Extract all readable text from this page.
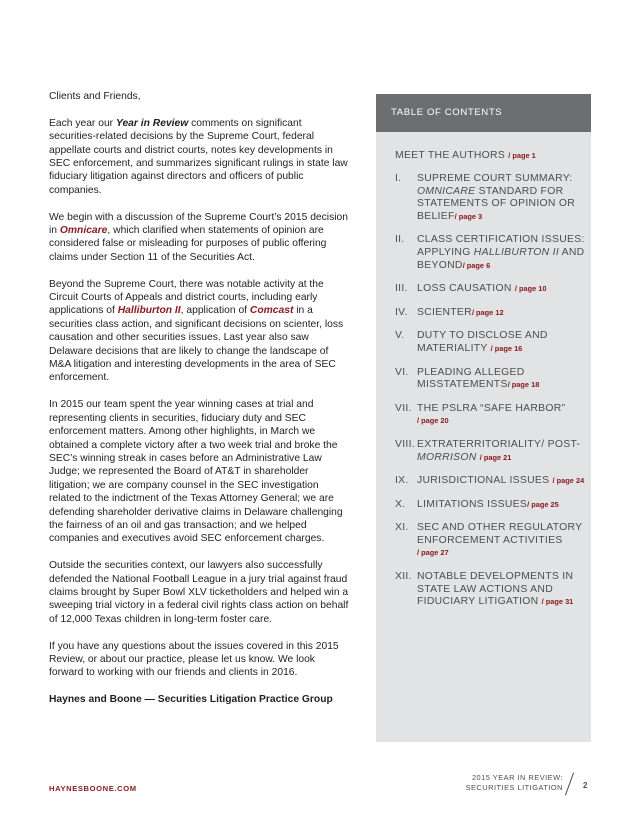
Clients and Friends,

Each year our Year in Review comments on significant securities-related decisions by the Supreme Court, federal appellate courts and district courts, notes key developments in SEC enforcement, and summarizes significant rulings in state law fiduciary litigation against directors and officers of public companies.

We begin with a discussion of the Supreme Court’s 2015 decision in Omnicare, which clarified when statements of opinion are considered false or misleading for purposes of public offering claims under Section 11 of the Securities Act.

Beyond the Supreme Court, there was notable activity at the Circuit Courts of Appeals and district courts, including early applications of Halliburton II, application of Comcast in a securities class action, and significant decisions on scienter, loss causation and other securities issues. Last year also saw Delaware decisions that are likely to change the landscape of M&A litigation and interesting developments in the area of SEC enforcement.

In 2015 our team spent the year winning cases at trial and representing clients in securities, fiduciary duty and SEC enforcement matters. Among other highlights, in March we obtained a complete victory after a two week trial and broke the SEC’s winning streak in cases before an Administrative Law Judge; we represented the Board of AT&T in shareholder litigation; we are company counsel in the SEC investigation related to the indictment of the Texas Attorney General; we are defending shareholder derivative claims in Delaware challenging the fairness of an oil and gas transaction; and we helped companies and executives avoid SEC enforcement charges.

Outside the securities context, our lawyers also successfully defended the National Football League in a jury trial against fraud claims brought by Super Bowl XLV ticketholders and helped win a sweeping trial victory in a federal civil rights class action on behalf of 12,000 Texas children in long-term foster care.

If you have any questions about the issues covered in this 2015 Review, or about our practice, please let us know. We look forward to working with our friends and clients in 2016.

Haynes and Boone — Securities Litigation Practice Group

TABLE OF CONTENTS
MEET THE AUTHORS / page 1
I.	SUPREME COURT SUMMARY: OMNICARE STANDARD FOR STATEMENTS OF OPINION OR BELIEF/ page 3
II.	CLASS CERTIFICATION ISSUES: APPLYING HALLIBURTON II AND BEYOND/ page 6
III. LOSS CAUSATION / page 10
IV. SCIENTER/ page 12
V.	DUTY TO DISCLOSE AND MATERIALITY / page 16
VI. PLEADING ALLEGED MISSTATEMENTS/ page 18
VII. THE PSLRA “SAFE HARBOR” / page 20
VIII. EXTRATERRITORIALITY/ POST-MORRISON / page 21
IX. JURISDICTIONAL ISSUES / page 24
X.	LIMITATIONS ISSUES/ page 25
XI. SEC AND OTHER REGULATORY ENFORCEMENT ACTIVITIES / page 27
XII. NOTABLE DEVELOPMENTS IN STATE LAW ACTIONS AND FIDUCIARY LITIGATION / page 31
HAYNESBOONE.COM
2015 YEAR IN REVIEW:
SECURITIES LITIGATION	2
